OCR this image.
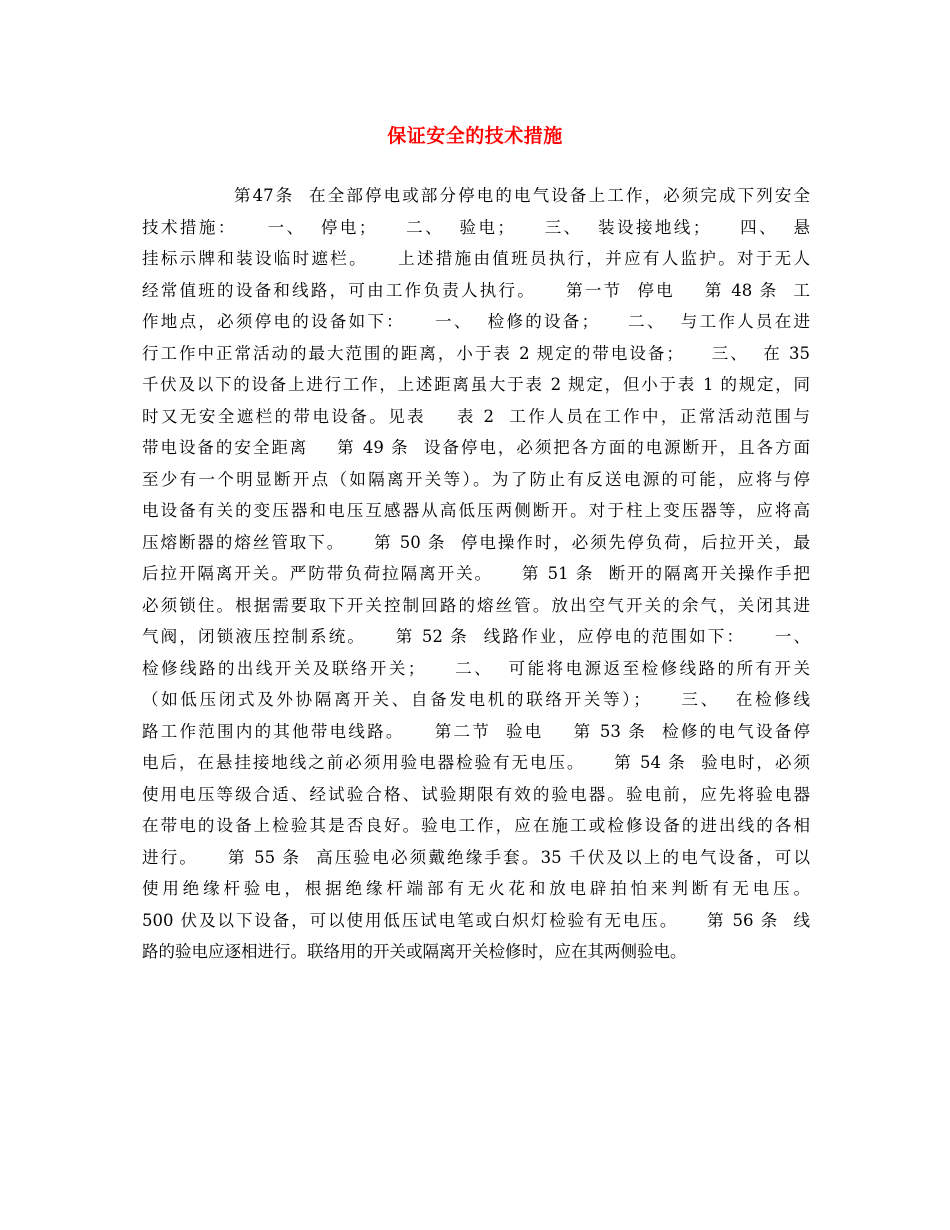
保证安全的技术措施
第47条  在全部停电或部分停电的电气设备上工作，必须完成下列安全
技术措施：    一、  停电；    二、  验电；    三、  装设接地线；    四、  悬
挂标示牌和装设临时遮栏。    上述措施由值班员执行，并应有人监护。对于无人
经常值班的设备和线路，可由工作负责人执行。    第一节  停电    第 48 条  工
作地点，必须停电的设备如下：    一、  检修的设备；    二、  与工作人员在进
行工作中正常活动的最大范围的距离，小于表 2 规定的带电设备；    三、  在 35
千伏及以下的设备上进行工作，上述距离虽大于表 2 规定，但小于表 1 的规定，同
时又无安全遮栏的带电设备。见表    表 2  工作人员在工作中，正常活动范围与
带电设备的安全距离    第 49 条  设备停电，必须把各方面的电源断开，且各方面
至少有一个明显断开点（如隔离开关等）。为了防止有反送电源的可能，应将与停
电设备有关的变压器和电压互感器从高低压两侧断开。对于柱上变压器等，应将高
压熔断器的熔丝管取下。    第 50 条  停电操作时，必须先停负荷，后拉开关，最
后拉开隔离开关。严防带负荷拉隔离开关。    第 51 条  断开的隔离开关操作手把
必须锁住。根据需要取下开关控制回路的熔丝管。放出空气开关的余气，关闭其进
气阀，闭锁液压控制系统。    第 52 条  线路作业，应停电的范围如下：    一、
检修线路的出线开关及联络开关；    二、  可能将电源返至检修线路的所有开关
（如低压闭式及外协隔离开关、自备发电机的联络开关等）；    三、  在检修线
路工作范围内的其他带电线路。    第二节  验电    第 53 条  检修的电气设备停
电后，在悬挂接地线之前必须用验电器检验有无电压。    第 54 条  验电时，必须
使用电压等级合适、经试验合格、试验期限有效的验电器。验电前，应先将验电器
在带电的设备上检验其是否良好。验电工作，应在施工或检修设备的进出线的各相
进行。    第 55 条  高压验电必须戴绝缘手套。35 千伏及以上的电气设备，可以
使用绝缘杆验电，根据绝缘杆端部有无火花和放电辟拍怕来判断有无电压。
500 伏及以下设备，可以使用低压试电笔或白炽灯检验有无电压。    第 56 条  线
路的验电应逐相进行。联络用的开关或隔离开关检修时，应在其两侧验电。
